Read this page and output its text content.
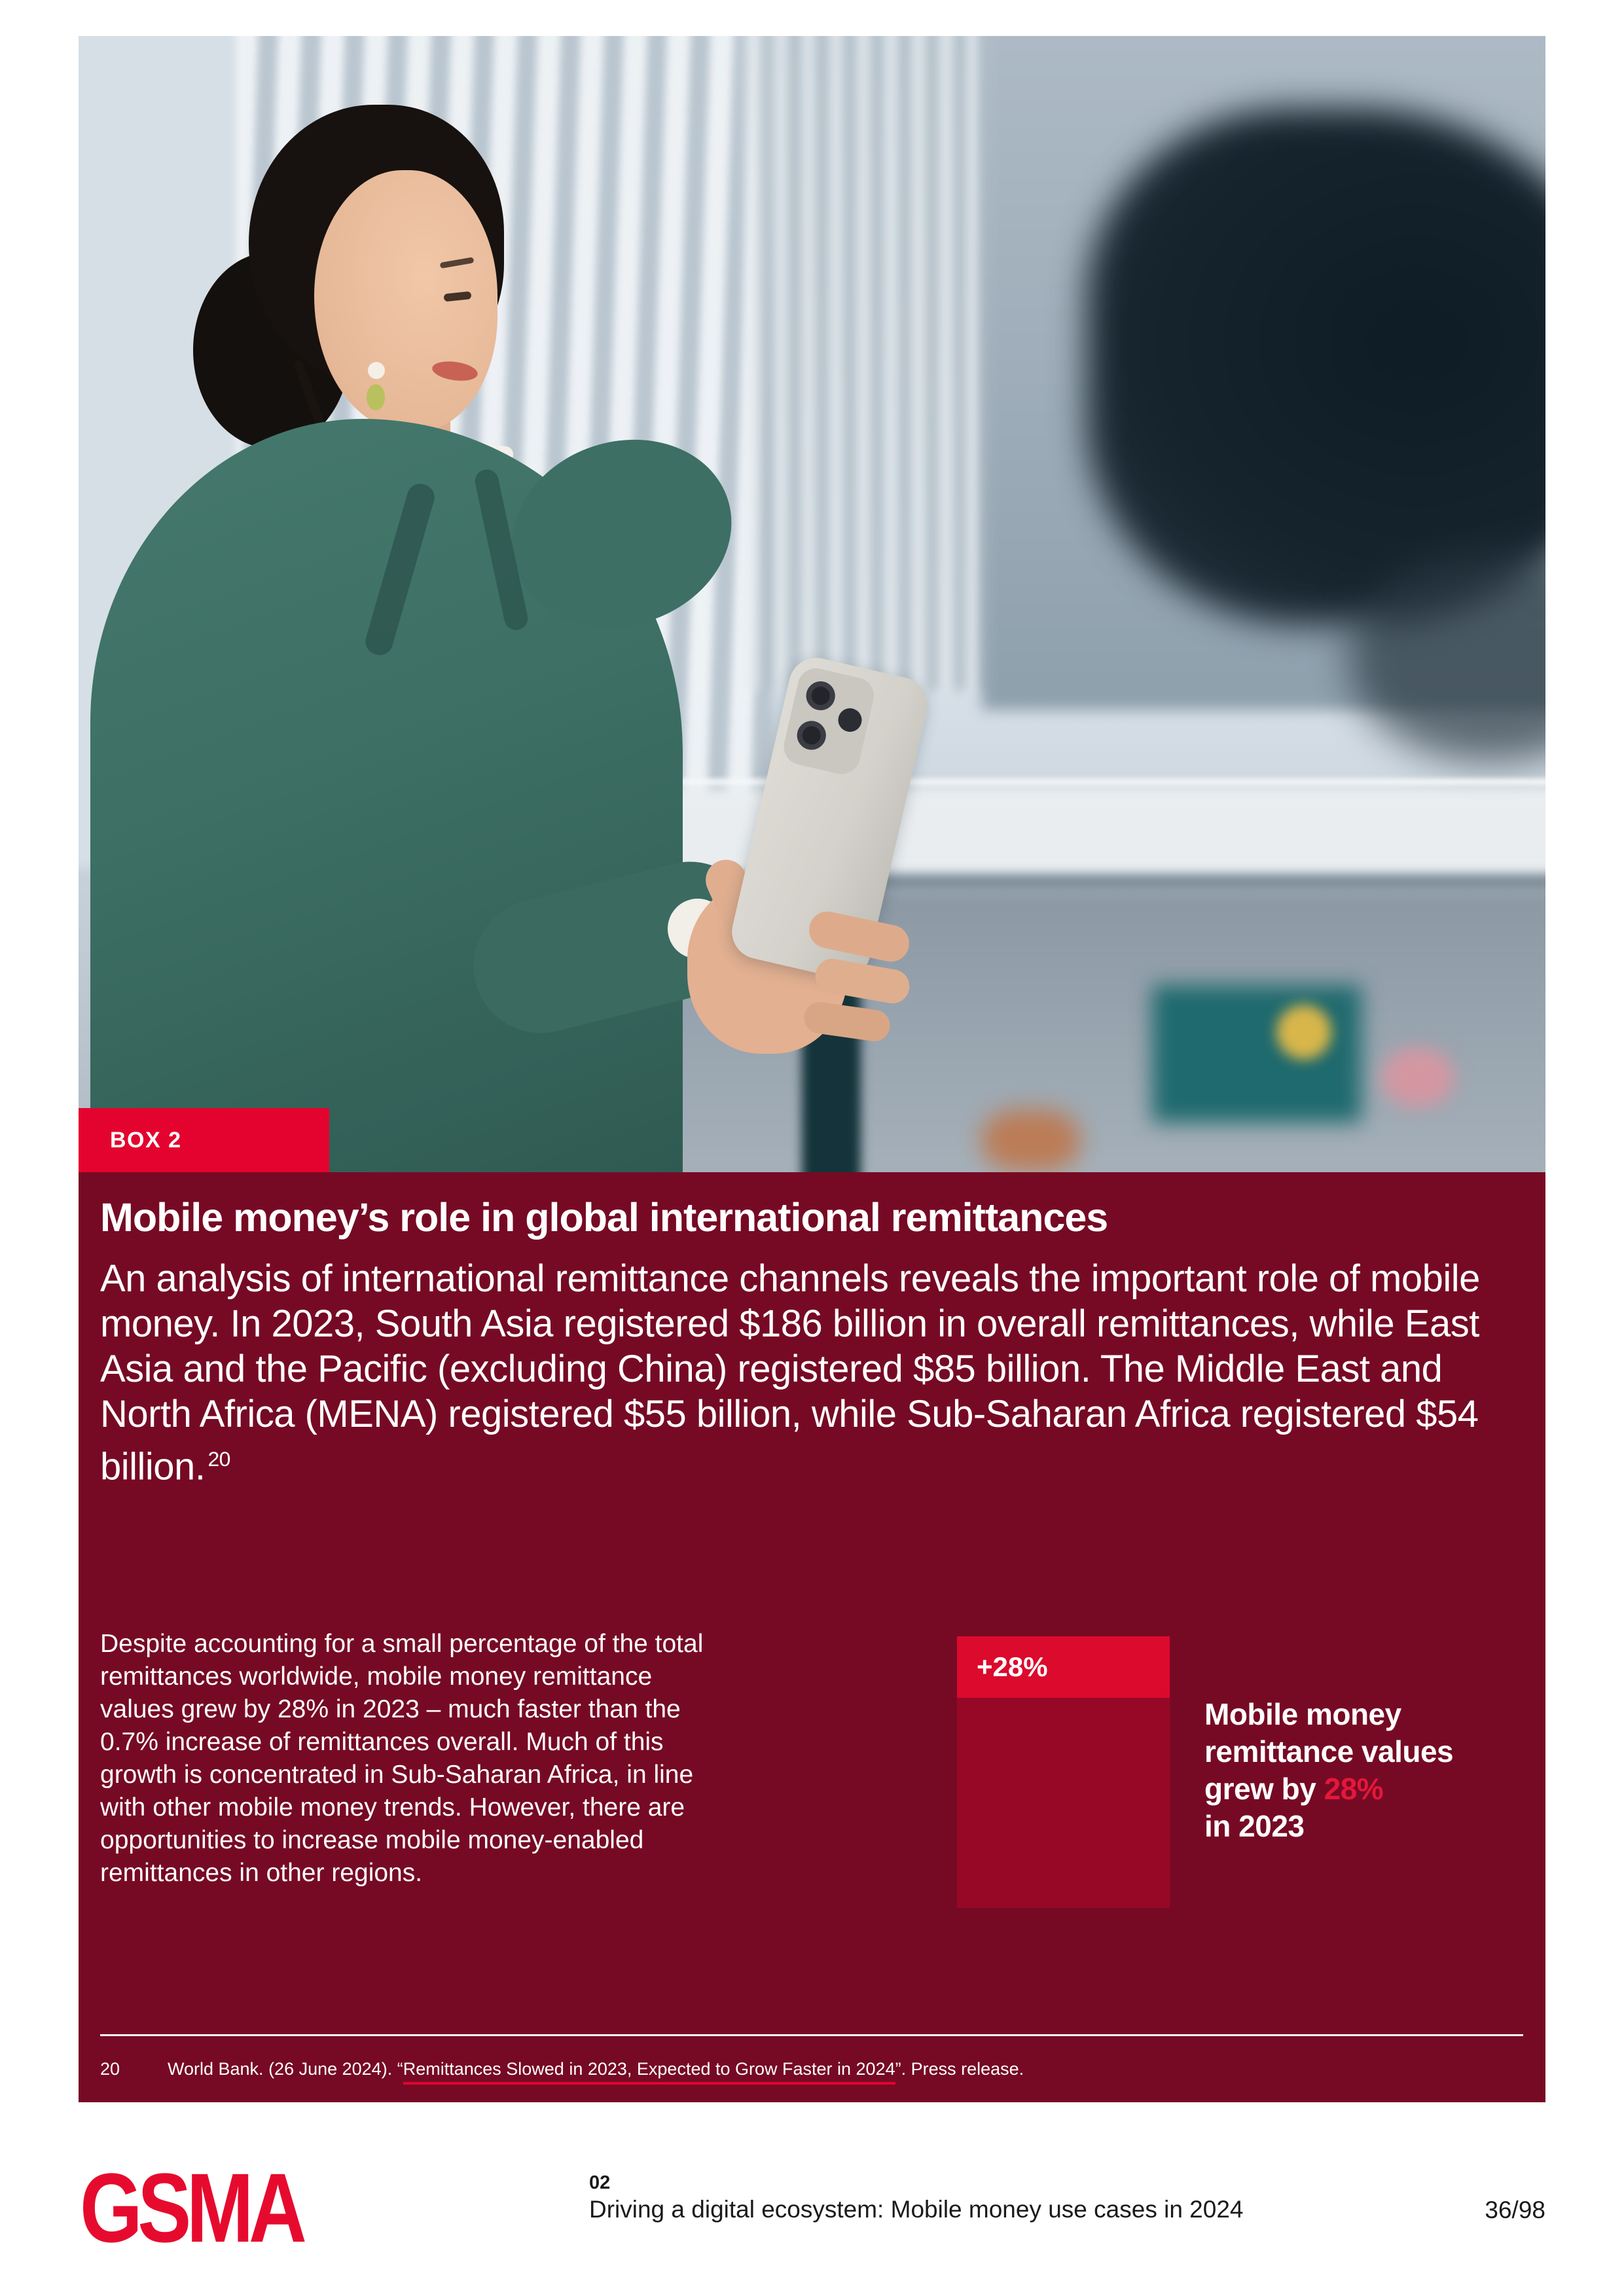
BOX 2
Mobile money’s role in global international remittances

An analysis of international remittance channels reveals the important role of mobile money. In 2023, South Asia registered $186 billion in overall remittances, while East Asia and the Pacific (excluding China) registered $85 billion. The Middle East and North Africa (MENA) registered $55 billion, while Sub-Saharan Africa registered $54 billion. $^{20}$

Despite accounting for a small percentage of the total remittances worldwide, mobile money remittance values grew by 28% in 2023 – much faster than the 0.7% increase of remittances overall. Much of this growth is concentrated in Sub-Saharan Africa, in line with other mobile money trends. However, there are opportunities to increase mobile money-enabled remittances in other regions.

+28%
Mobile money
remittance values
grew by 28%
in 2023
20	World Bank. (26 June 2024). “Remittances Slowed in 2023, Expected to Grow Faster in 2024”. Press release.
GSMA	02
Driving a digital ecosystem: Mobile money use cases in 2024	36/98
